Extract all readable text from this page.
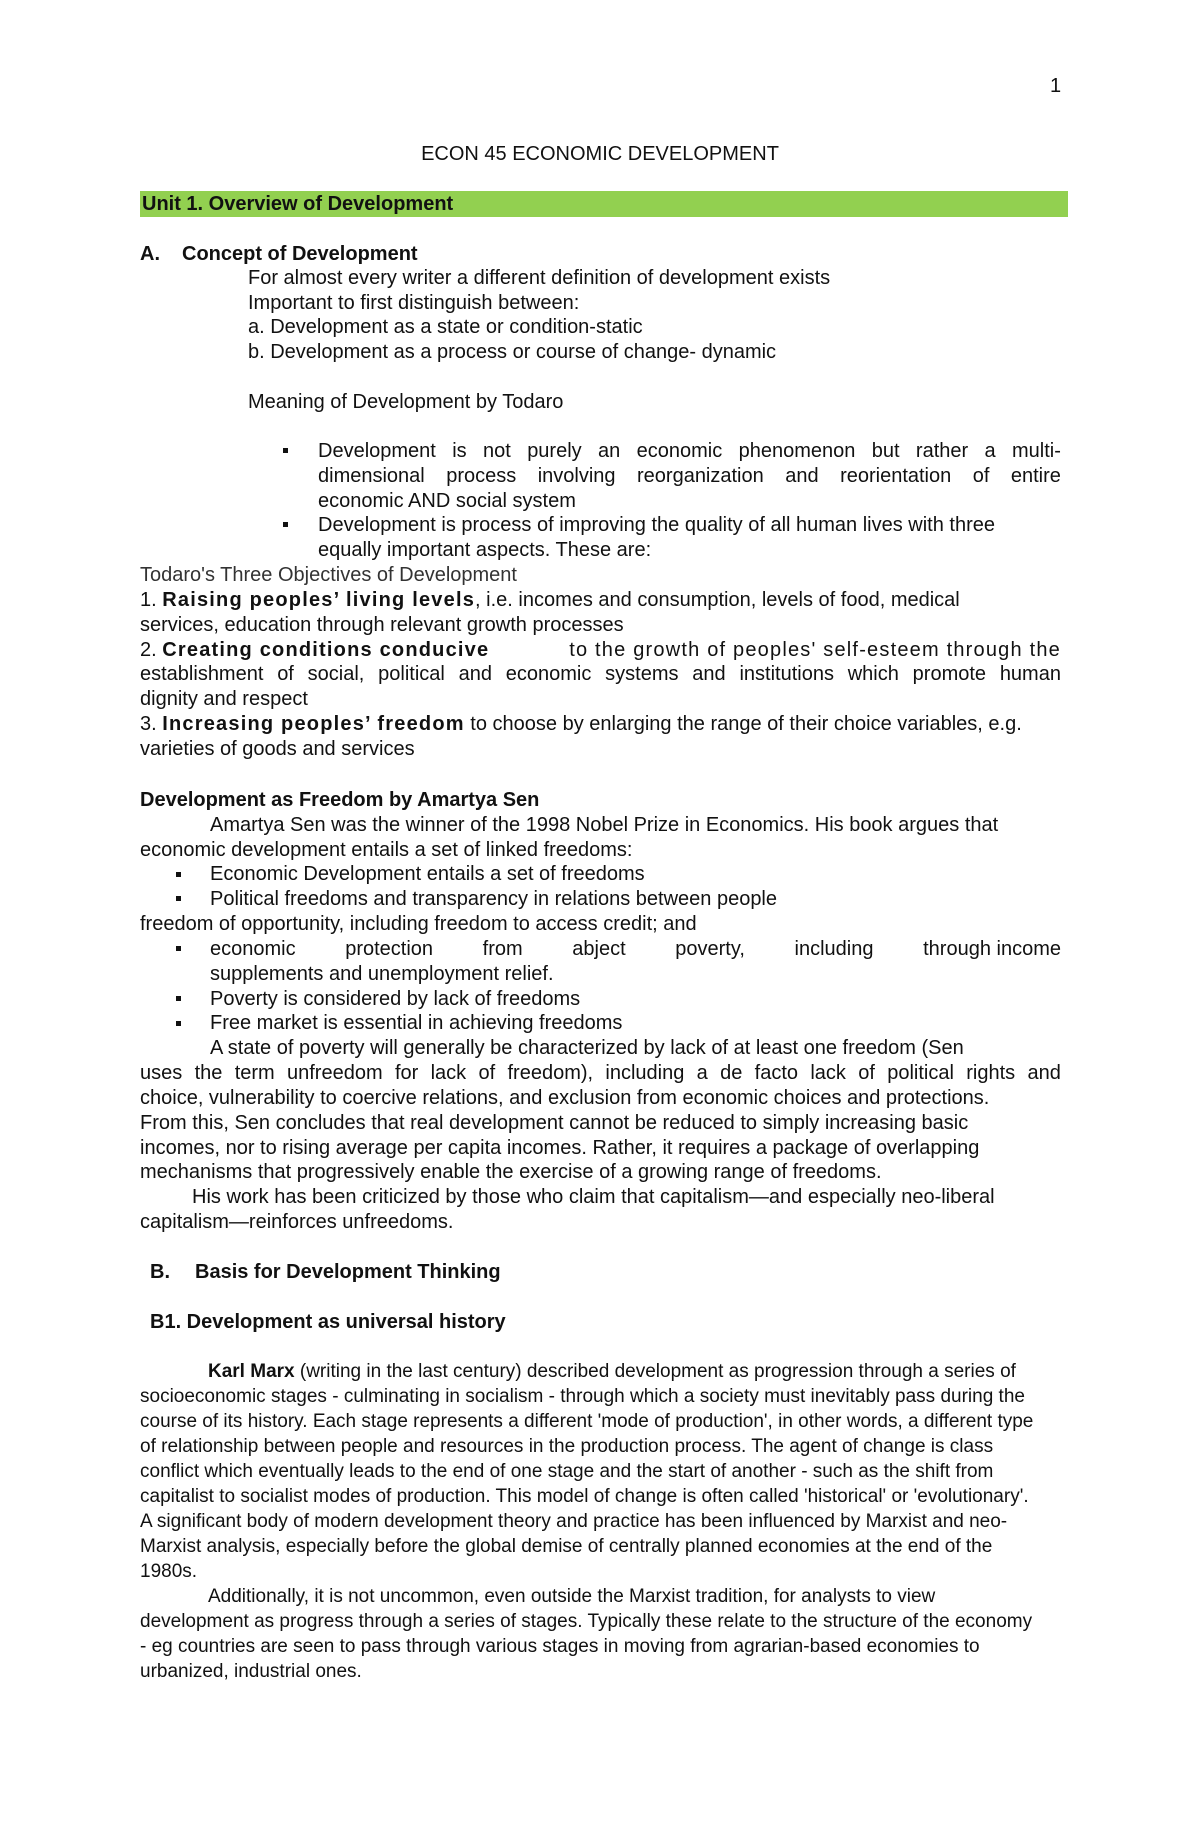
1
ECON 45 ECONOMIC DEVELOPMENT
Unit 1. Overview of Development
A. Concept of Development
For almost every writer a different definition of development exists
Important to first distinguish between:
a. Development as a state or condition-static
b. Development as a process or course of change- dynamic
Meaning of Development by Todaro
Development is not purely an economic phenomenon but rather a multi-
dimensional process involving reorganization and reorientation of entire
economic AND social system
Development is process of improving the quality of all human lives with three
equally important aspects. These are:
Todaro's Three Objectives of Development
1. Raising peoples’ living levels, i.e. incomes and consumption, levels of food, medical
services, education through relevant growth processes
2. Creating conditions conducive	to the growth of peoples' self-esteem through the
establishment of social, political and economic systems and institutions which promote human
dignity and respect
3. Increasing peoples’ freedom to choose by enlarging the range of their choice variables, e.g.
varieties of goods and services
Development as Freedom by Amartya Sen
Amartya Sen was the winner of the 1998 Nobel Prize in Economics. His book argues that
economic development entails a set of linked freedoms:
Economic Development entails a set of freedoms
Political freedoms and transparency in relations between people
freedom of opportunity, including freedom to access credit; and
economic protection from abject poverty, including through income
supplements and unemployment relief.
Poverty is considered by lack of freedoms
Free market is essential in achieving freedoms
A state of poverty will generally be characterized by lack of at least one freedom (Sen
uses the term unfreedom for lack of freedom), including a de facto lack of political rights and
choice, vulnerability to coercive relations, and exclusion from economic choices and protections.
From this, Sen concludes that real development cannot be reduced to simply increasing basic
incomes, nor to rising average per capita incomes. Rather, it requires a package of overlapping
mechanisms that progressively enable the exercise of a growing range of freedoms.
His work has been criticized by those who claim that capitalism—and especially neo-liberal
capitalism—reinforces unfreedoms.
B. Basis for Development Thinking
B1. Development as universal history
Karl Marx (writing in the last century) described development as progression through a series of
socioeconomic stages - culminating in socialism - through which a society must inevitably pass during the
course of its history. Each stage represents a different 'mode of production', in other words, a different type
of relationship between people and resources in the production process. The agent of change is class
conflict which eventually leads to the end of one stage and the start of another - such as the shift from
capitalist to socialist modes of production. This model of change is often called 'historical' or 'evolutionary'.
A significant body of modern development theory and practice has been influenced by Marxist and neo-
Marxist analysis, especially before the global demise of centrally planned economies at the end of the
1980s.
Additionally, it is not uncommon, even outside the Marxist tradition, for analysts to view
development as progress through a series of stages. Typically these relate to the structure of the economy
- eg countries are seen to pass through various stages in moving from agrarian-based economies to
urbanized, industrial ones.
